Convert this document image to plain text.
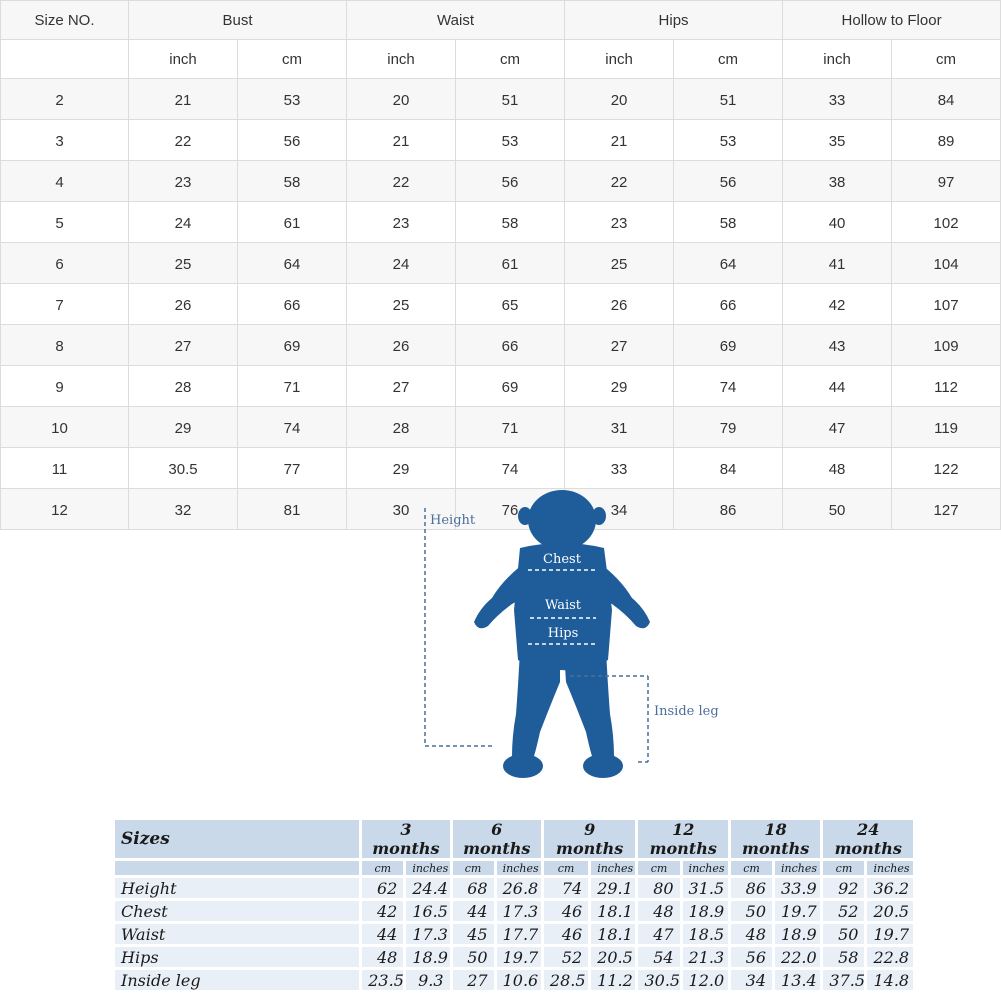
Size NO.	Bust		Waist		Hips		Hollow to Floor	
	inch	cm	inch	cm	inch	cm	inch	cm
2	21	53	20	51	20	51	33	84
3	22	56	21	53	21	53	35	89
4	23	58	22	56	22	56	38	97
5	24	61	23	58	23	58	40	102
6	25	64	24	61	25	64	41	104
7	26	66	25	65	26	66	42	107
8	27	69	26	66	27	69	43	109
9	28	71	27	69	29	74	44	112
10	29	74	28	71	31	79	47	119
11	30.5	77	29	74	33	84	48	122
12	32	81	30	76	34	86	50	127
Height
Chest
Waist
Hips
Inside leg
Sizes	3 months		6 months		9 months		12 months		18 months		24 months	
	cm	inches	cm	inches	cm	inches	cm	inches	cm	inches	cm	inches
Height	62	24.4	68	26.8	74	29.1	80	31.5	86	33.9	92	36.2
Chest	42	16.5	44	17.3	46	18.1	48	18.9	50	19.7	52	20.5
Waist	44	17.3	45	17.7	46	18.1	47	18.5	48	18.9	50	19.7
Hips	48	18.9	50	19.7	52	20.5	54	21.3	56	22.0	58	22.8
Inside leg	23.5	9.3	27	10.6	28.5	11.2	30.5	12.0	34	13.4	37.5	14.8
